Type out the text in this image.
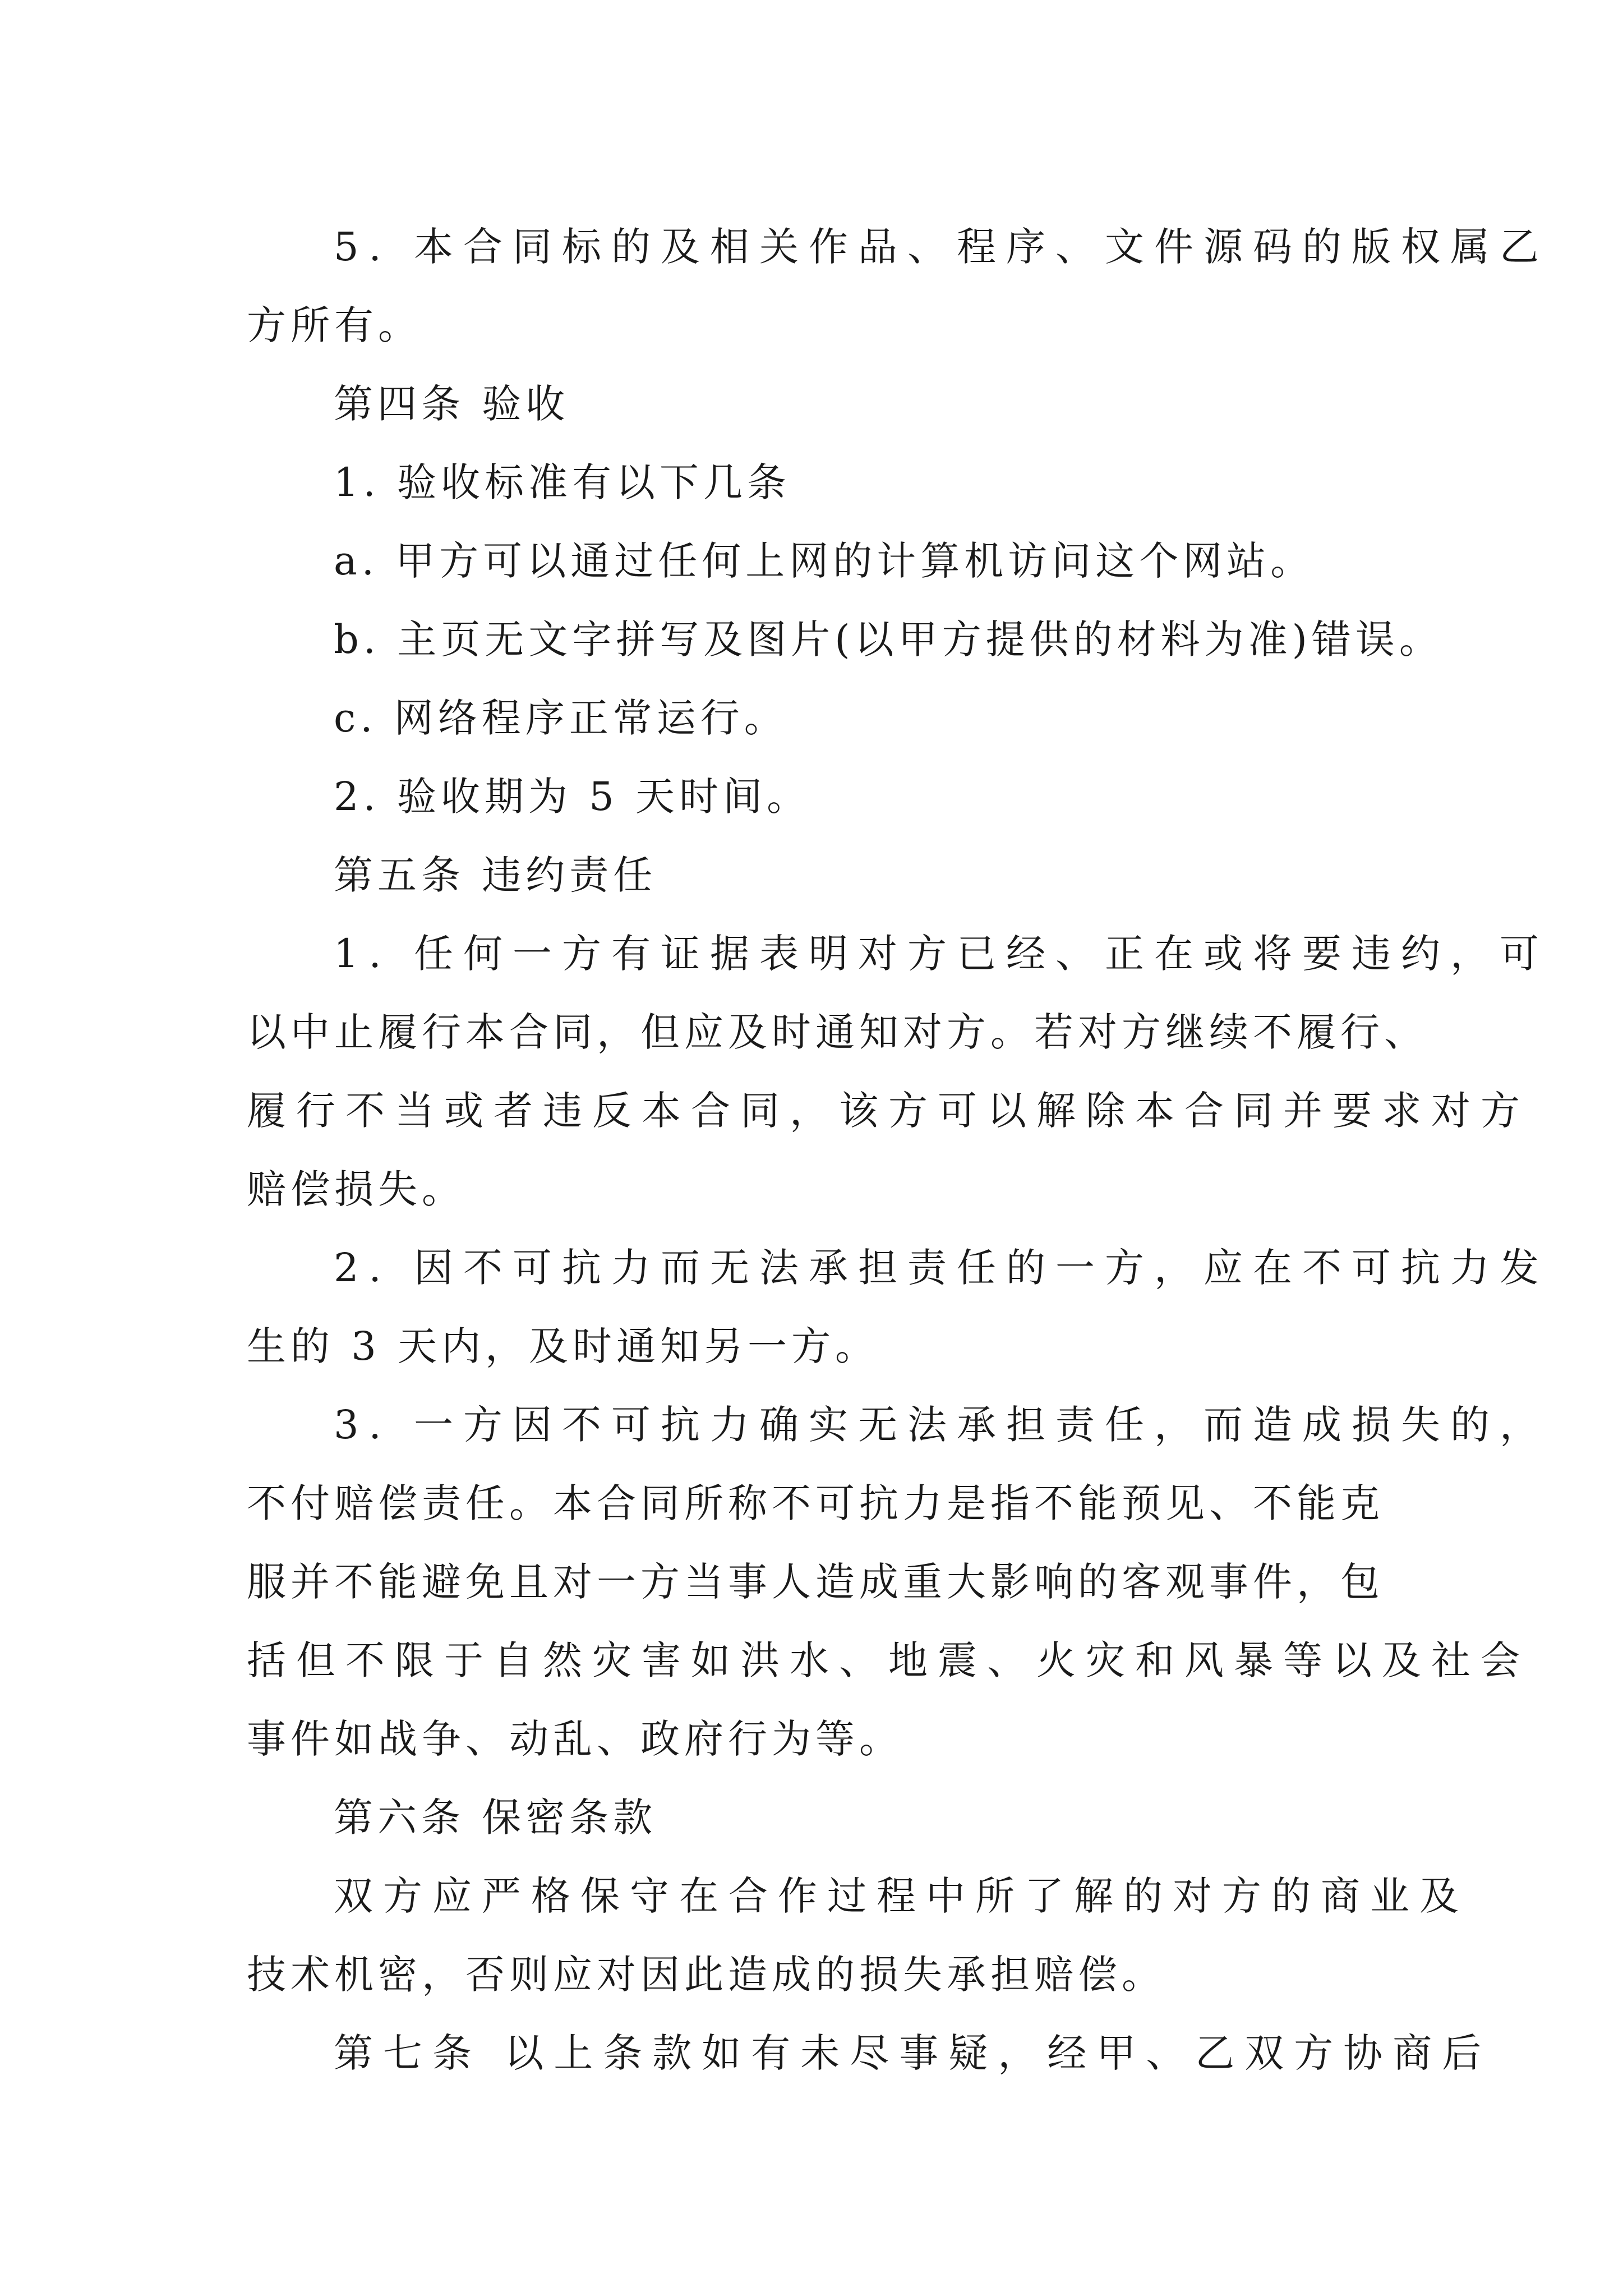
5. 本合同标的及相关作品、程序、文件源码的版权属乙
方所有。
第四条 验收
1. 验收标准有以下几条
a. 甲方可以通过任何上网的计算机访问这个网站。
b. 主页无文字拼写及图片(以甲方提供的材料为准)错误。
c. 网络程序正常运行。
2. 验收期为 5 天时间。
第五条 违约责任
1. 任何一方有证据表明对方已经、正在或将要违约，可
以中止履行本合同，但应及时通知对方。若对方继续不履行、
履行不当或者违反本合同，该方可以解除本合同并要求对方
赔偿损失。
2. 因不可抗力而无法承担责任的一方，应在不可抗力发
生的 3 天内，及时通知另一方。
3. 一方因不可抗力确实无法承担责任，而造成损失的，
不付赔偿责任。本合同所称不可抗力是指不能预见、不能克
服并不能避免且对一方当事人造成重大影响的客观事件，包
括但不限于自然灾害如洪水、地震、火灾和风暴等以及社会
事件如战争、动乱、政府行为等。
第六条 保密条款
双方应严格保守在合作过程中所了解的对方的商业及
技术机密，否则应对因此造成的损失承担赔偿。
第七条 以上条款如有未尽事疑，经甲、乙双方协商后
